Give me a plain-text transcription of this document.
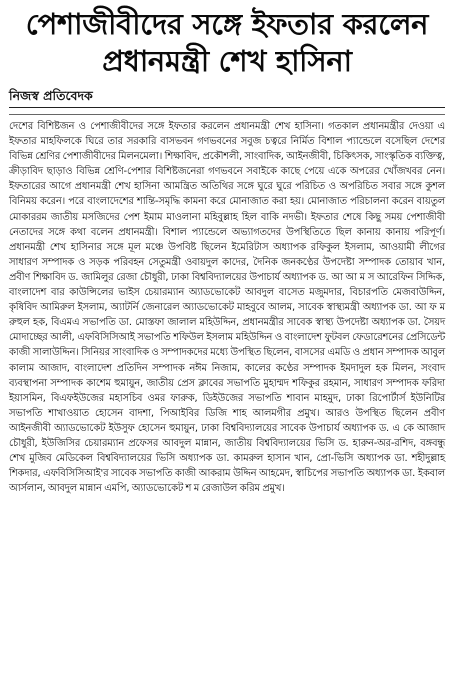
পেশাজীবীদের সঙ্গে ইফতার করলেন
প্রধানমন্ত্রী শেখ হাসিনা
নিজস্ব প্রতিবেদক

দেশের বিশিষ্টজন ও পেশাজীবীদের সঙ্গে ইফতার করলেন প্রধানমন্ত্রী শেখ হাসিনা। গতকাল প্রধানমন্ত্রীর দেওয়া এ ইফতার মাহফিলকে ঘিরে তার সরকারি বাসভবন গণভবনের সবুজ চত্বরে নির্মিত বিশাল প্যান্ডেলে বসেছিল দেশের বিভিন্ন শ্রেণির পেশাজীবীদের মিলনমেলা। শিক্ষাবিদ, প্রকৌশলী, সাংবাদিক, আইনজীবী, চিকিৎসক, সাংস্কৃতিক ব্যক্তিত্ব, ক্রীড়াবিদ ছাড়াও বিভিন্ন শ্রেণি-পেশার বিশিষ্টজনেরা গণভবনে সবাইকে কাছে পেয়ে একে অপরের খোঁজখবর নেন। ইফতারের আগে প্রধানমন্ত্রী শেখ হাসিনা আমন্ত্রিত অতিথির সঙ্গে ঘুরে ঘুরে পরিচিত ও অপরিচিত সবার সঙ্গে কুশল বিনিময় করেন। পরে বাংলাদেশের শান্তি-সমৃদ্ধি কামনা করে মোনাজাত করা হয়। মোনাজাত পরিচালনা করেন বায়তুল মোকাররম জাতীয় মসজিদের পেশ ইমাম মাওলানা মহিবুল্লাহ হিল বাকি নদভী। ইফতার শেষে কিছু সময় পেশাজীবী নেতাদের সঙ্গে কথা বলেন প্রধানমন্ত্রী। বিশাল প্যান্ডেলে অভ্যাগতদের উপস্থিতিতে ছিল কানায় কানায় পরিপূর্ণ। প্রধানমন্ত্রী শেখ হাসিনার সঙ্গে মূল মঞ্চে উপবিষ্ট ছিলেন ইমেরিটাস অধ্যাপক রফিকুল ইসলাম, আওয়ামী লীগের সাধারণ সম্পাদক ও সড়ক পরিবহন সেতুমন্ত্রী ওবায়দুল কাদের, দৈনিক জনকণ্ঠের উপদেষ্টা সম্পাদক তোয়াব খান, প্রবীণ শিক্ষাবিদ ড. জামিলুর রেজা চৌধুরী, ঢাকা বিশ্ববিদ্যালয়ের উপাচার্য অধ্যাপক ড. আ আ ম স আরেফিন সিদ্দিক, বাংলাদেশ বার কাউন্সিলের ভাইস চেয়ারম্যান অ্যাডভোকেট আবদুল বাসেত মজুমদার, বিচারপতি মেজবাউদ্দিন, কৃষিবিদ আমিরুল ইসলাম, অ্যাটর্নি জেনারেল অ্যাডভোকেট মাহবুবে আলম, সাবেক স্বাস্থ্যমন্ত্রী অধ্যাপক ডা. আ ফ ম রুহুল হক, বিএমএ সভাপতি ডা. মোস্তফা জালাল মহিউদ্দিন, প্রধানমন্ত্রীর সাবেক স্বাস্থ্য উপদেষ্টা অধ্যাপক ডা. সৈয়দ মোদাচ্ছের আলী, এফবিসিসিআই সভাপতি শফিউল ইসলাম মহিউদ্দিন ও বাংলাদেশ ফুটবল ফেডারেশনের প্রেসিডেন্ট কাজী সালাউদ্দিন। সিনিয়র সাংবাদিক ও সম্পাদকদের মধ্যে উপস্থিত ছিলেন, বাসসের এমডি ও প্রধান সম্পাদক আবুল কালাম আজাদ, বাংলাদেশ প্রতিদিন সম্পাদক নঈম নিজাম, কালের কণ্ঠের সম্পাদক ইমদাদুল হক মিলন, সংবাদ ব্যবস্থাপনা সম্পাদক কাশেম হুমায়ুন, জাতীয় প্রেস ক্লাবের সভাপতি মুহাম্মদ শফিকুর রহমান, সাধারণ সম্পাদক ফরিদা ইয়াসমিন, বিএফইউজের মহাসচিব ওমর ফারুক, ডিইউজের সভাপতি শাবান মাহমুদ, ঢাকা রিপোর্টার্স ইউনিটির সভাপতি শাখাওয়াত হোসেন বাদশা, পিআইবির ডিজি শাহ আলমগীর প্রমুখ। আরও উপস্থিত ছিলেন প্রবীণ আইনজীবী অ্যাডভোকেট ইউসুফ হোসেন হুমায়ুন, ঢাকা বিশ্ববিদ্যালয়ের সাবেক উপাচার্য অধ্যাপক ড. এ কে আজাদ চৌধুরী, ইউজিসির চেয়ারম্যান প্রফেসর আবদুল মান্নান, জাতীয় বিশ্ববিদ্যালয়ের ভিসি ড. হারুন-অর-রশিদ, বঙ্গবন্ধু শেখ মুজিব মেডিকেল বিশ্ববিদ্যালয়ের ভিসি অধ্যাপক ডা. কামরুল হাসান খান, প্রো-ভিসি অধ্যাপক ডা. শহীদুল্লাহ শিকদার, এফবিসিসিআই'র সাবেক সভাপতি কাজী আকরাম উদ্দিন আহমেদ, স্বাচিপের সভাপতি অধ্যাপক ডা. ইকবাল আর্সলান, আবদুল মান্নান এমপি, অ্যাডভোকেট শ ম রেজাউল করিম প্রমুখ।
